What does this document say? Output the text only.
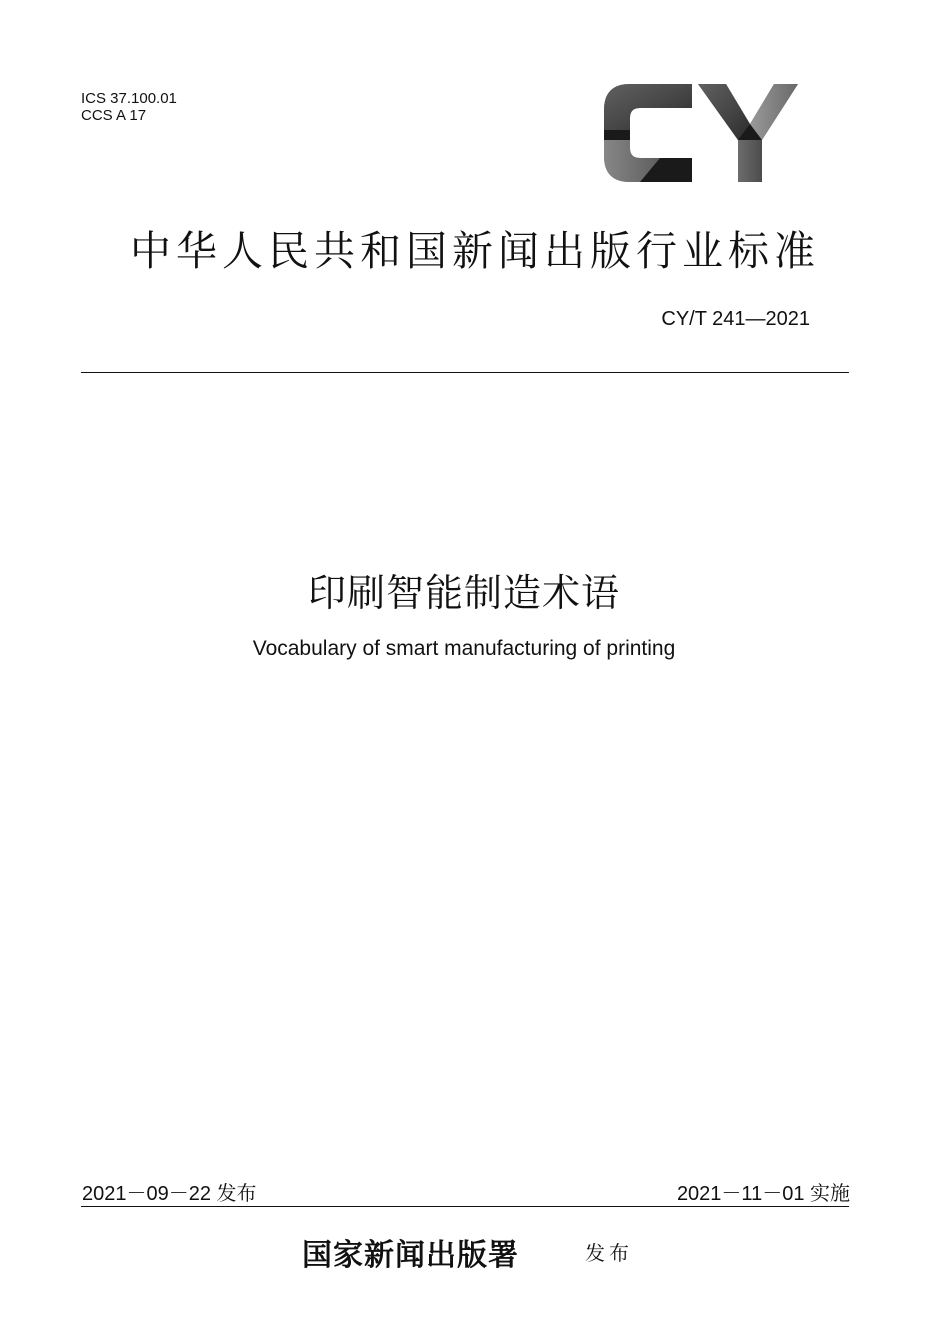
ICS 37.100.01
CCS A 17
中华人民共和国新闻出版行业标准
CY/T 241—2021
印刷智能制造术语
Vocabulary of smart manufacturing of printing
2021－09－22 发布	2021－11－01 实施
国家新闻出版署	发布
